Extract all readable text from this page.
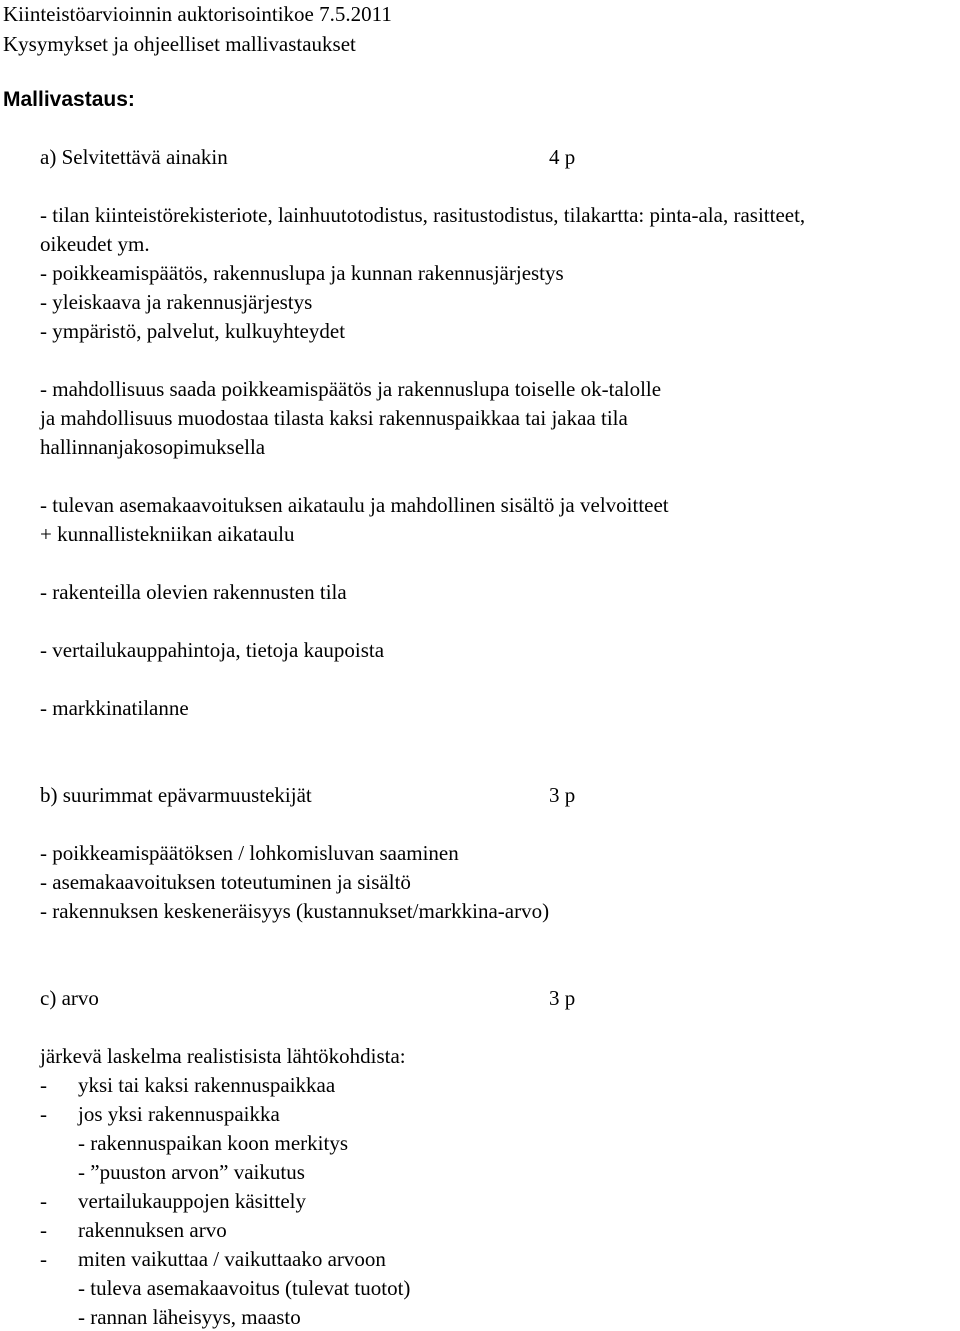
Kiinteistöarvioinnin auktorisointikoe 7.5.2011
Kysymykset ja ohjeelliset mallivastaukset
Mallivastaus:
a) Selvitettävä ainakin	4 p
- tilan kiinteistörekisteriote, lainhuutotodistus, rasitustodistus, tilakartta: pinta-ala, rasitteet,
oikeudet ym.
- poikkeamispäätös, rakennuslupa ja kunnan rakennusjärjestys
- yleiskaava ja rakennusjärjestys
- ympäristö, palvelut, kulkuyhteydet
- mahdollisuus saada poikkeamispäätös ja rakennuslupa toiselle ok-talolle
ja mahdollisuus muodostaa tilasta kaksi rakennuspaikkaa tai jakaa tila
hallinnanjakosopimuksella
- tulevan asemakaavoituksen aikataulu ja mahdollinen sisältö ja velvoitteet
+ kunnallistekniikan aikataulu
- rakenteilla olevien rakennusten tila
- vertailukauppahintoja, tietoja kaupoista
- markkinatilanne
b) suurimmat epävarmuustekijät	3 p
- poikkeamispäätöksen / lohkomisluvan saaminen
- asemakaavoituksen toteutuminen ja sisältö
- rakennuksen keskeneräisyys (kustannukset/markkina-arvo)
c) arvo	3 p
järkevä laskelma realistisista lähtökohdista:
- yksi tai kaksi rakennuspaikkaa
- jos yksi rakennuspaikka
- rakennuspaikan koon merkitys
- ”puuston arvon” vaikutus
- vertailukauppojen käsittely
- rakennuksen arvo
- miten vaikuttaa / vaikuttaako arvoon
- tuleva asemakaavoitus (tulevat tuotot)
- rannan läheisyys, maasto
